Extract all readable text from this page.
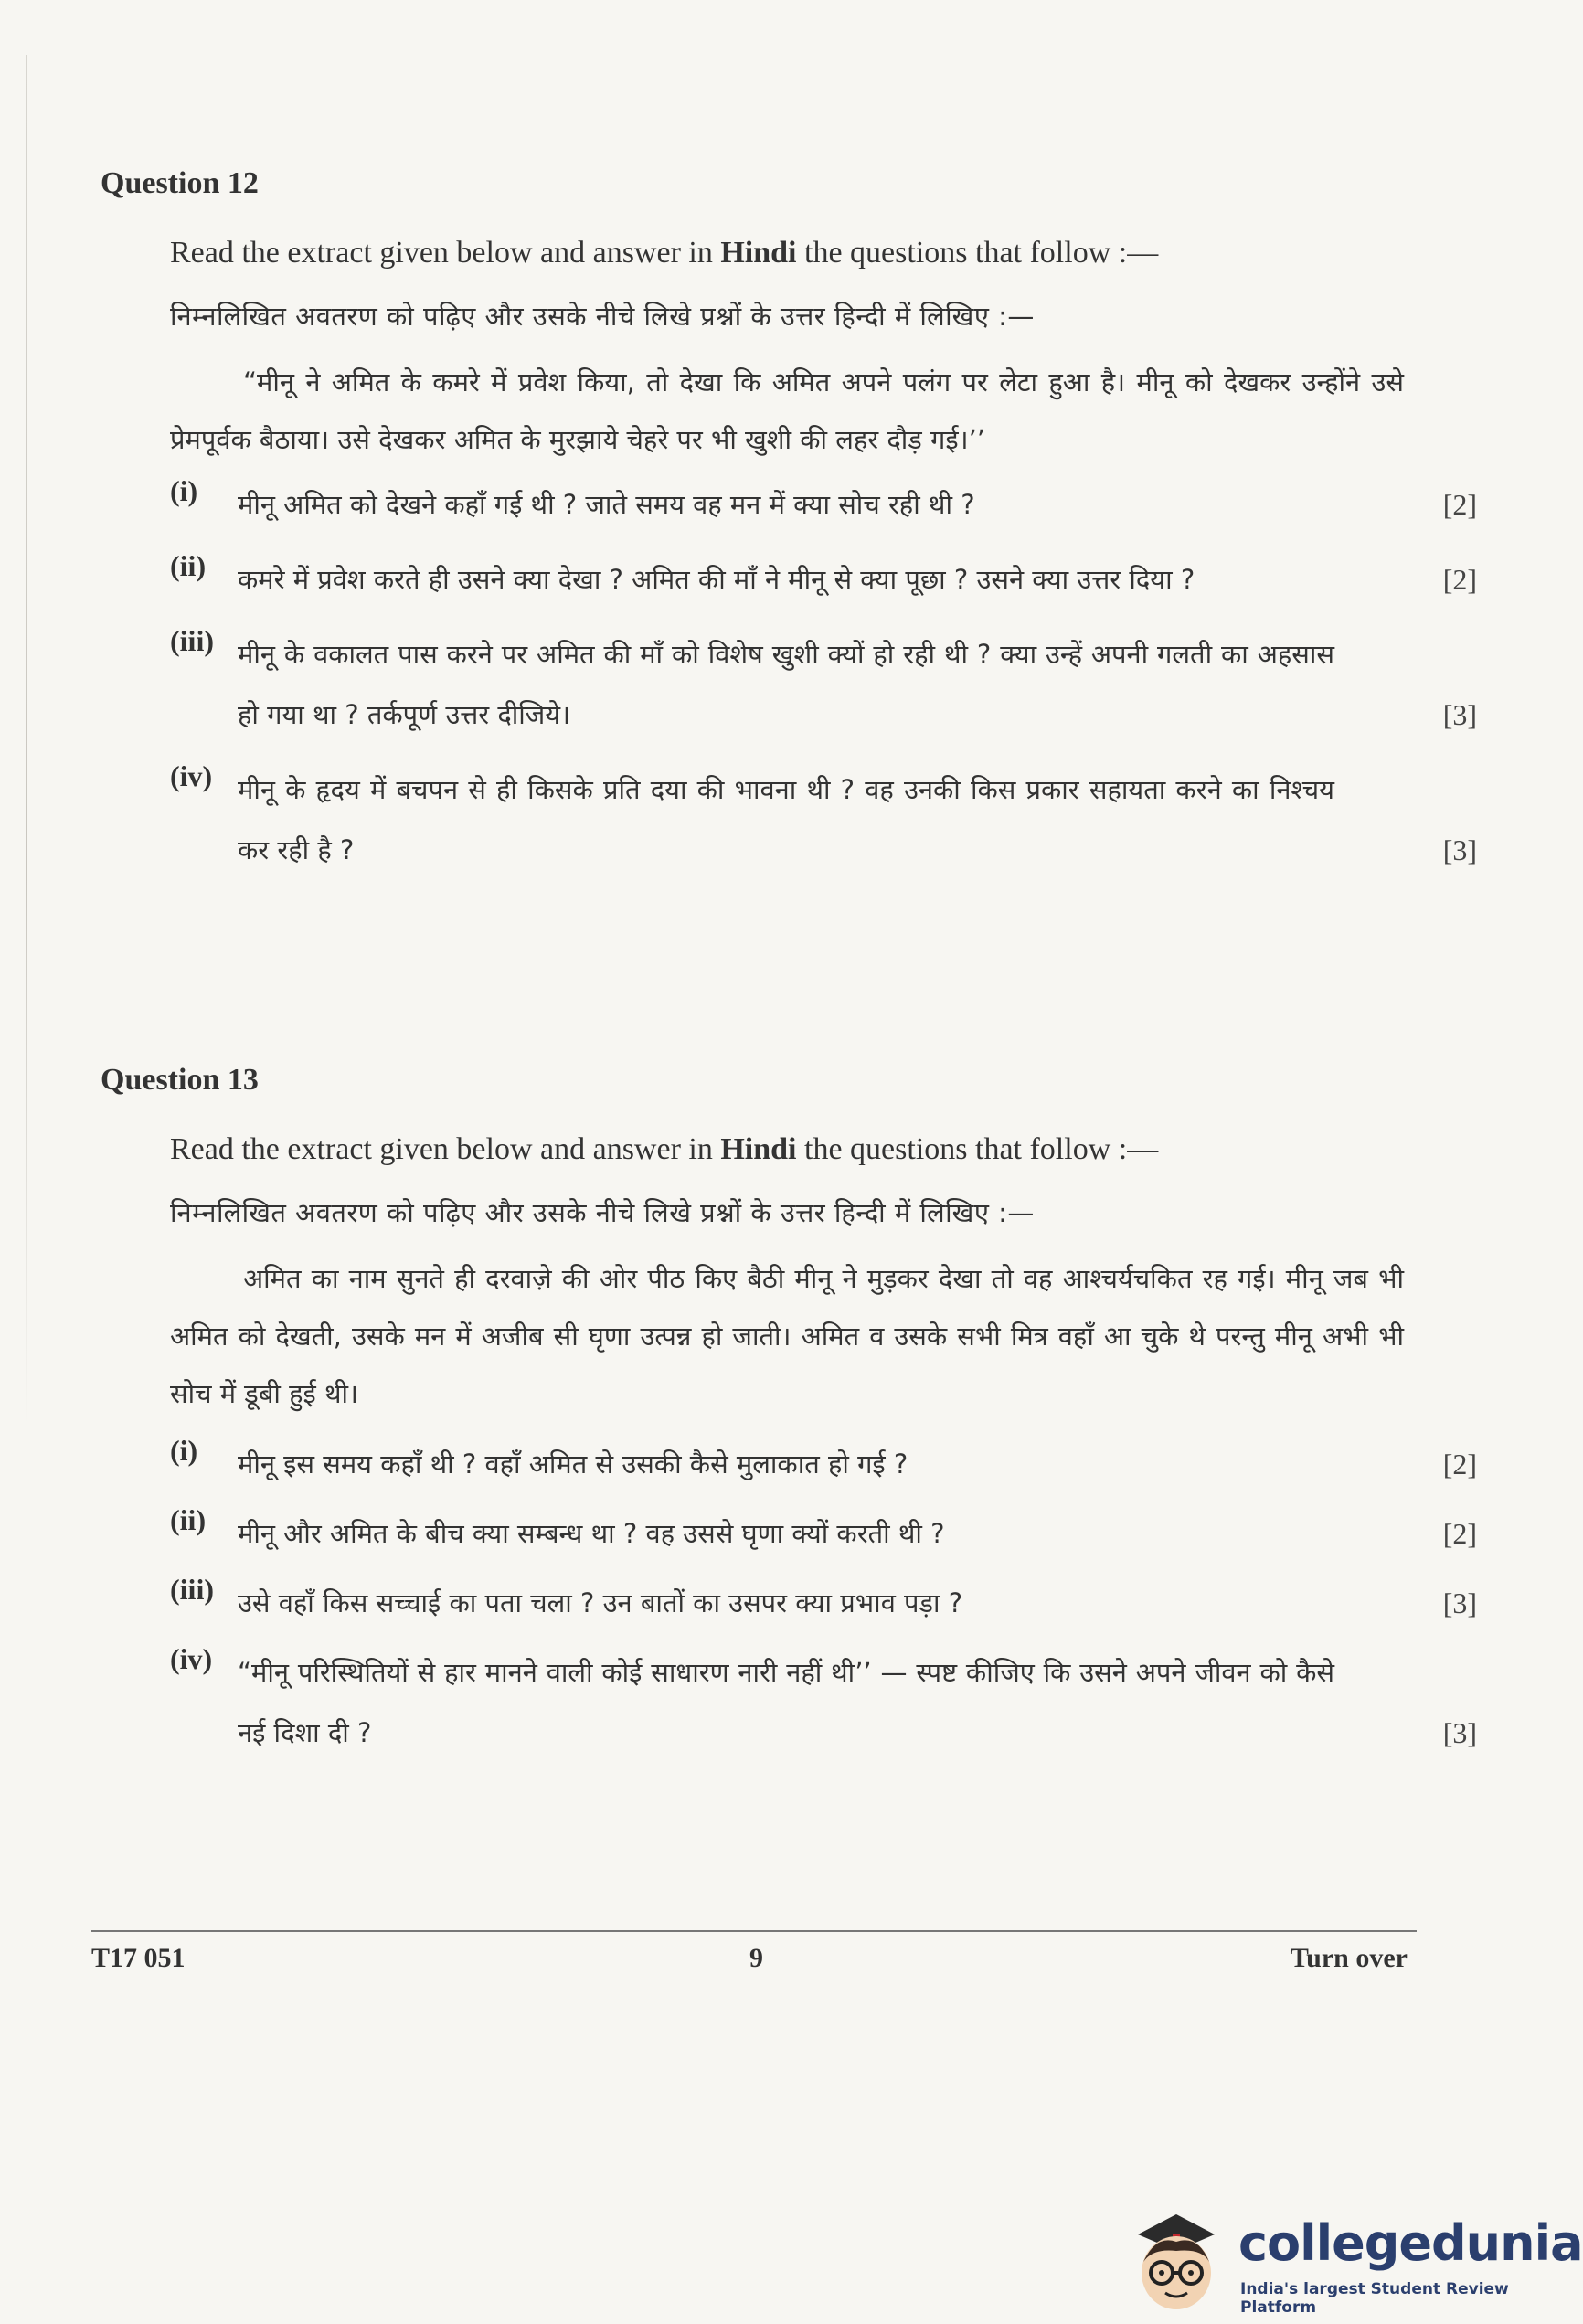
Question 12

Read the extract given below and answer in Hindi the questions that follow :—

निम्नलिखित अवतरण को पढ़िए और उसके नीचे लिखे प्रश्नों के उत्तर हिन्दी में लिखिए :—

“मीनू ने अमित के कमरे में प्रवेश किया, तो देखा कि अमित अपने पलंग पर लेटा हुआ है। मीनू को देखकर उन्होंने उसे प्रेमपूर्वक बैठाया। उसे देखकर अमित के मुरझाये चेहरे पर भी खुशी की लहर दौड़ गई।’’

(i) मीनू अमित को देखने कहाँ गई थी ? जाते समय वह मन में क्या सोच रही थी ?	[2]
(ii) कमरे में प्रवेश करते ही उसने क्या देखा ? अमित की माँ ने मीनू से क्या पूछा ? उसने क्या उत्तर दिया ?	[2]
(iii) मीनू के वकालत पास करने पर अमित की माँ को विशेष खुशी क्यों हो रही थी ? क्या उन्हें अपनी गलती का अहसास हो गया था ? तर्कपूर्ण उत्तर दीजिये।	[3]
(iv) मीनू के हृदय में बचपन से ही किसके प्रति दया की भावना थी ? वह उनकी किस प्रकार सहायता करने का निश्चय कर रही है ?	[3]

Question 13

Read the extract given below and answer in Hindi the questions that follow :—

निम्नलिखित अवतरण को पढ़िए और उसके नीचे लिखे प्रश्नों के उत्तर हिन्दी में लिखिए :—

अमित का नाम सुनते ही दरवाज़े की ओर पीठ किए बैठी मीनू ने मुड़कर देखा तो वह आश्चर्यचकित रह गई। मीनू जब भी अमित को देखती, उसके मन में अजीब सी घृणा उत्पन्न हो जाती। अमित व उसके सभी मित्र वहाँ आ चुके थे परन्तु मीनू अभी भी सोच में डूबी हुई थी।

(i) मीनू इस समय कहाँ थी ? वहाँ अमित से उसकी कैसे मुलाकात हो गई ?	[2]
(ii) मीनू और अमित के बीच क्या सम्बन्ध था ? वह उससे घृणा क्यों करती थी ?	[2]
(iii) उसे वहाँ किस सच्चाई का पता चला ? उन बातों का उसपर क्या प्रभाव पड़ा ?	[3]
(iv) “मीनू परिस्थितियों से हार मानने वाली कोई साधारण नारी नहीं थी’’ — स्पष्ट कीजिए कि उसने अपने जीवन को कैसे नई दिशा दी ?	[3]
T17 051	9	Turn over
collegedunia
India's largest Student Review Platform
